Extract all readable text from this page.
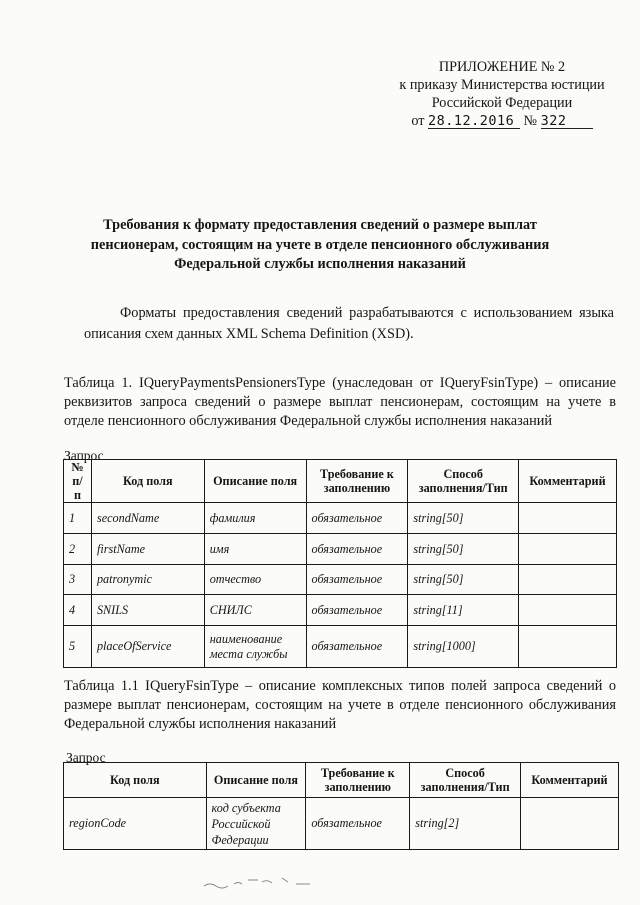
ПРИЛОЖЕНИЕ № 2
к приказу Министерства юстиции
Российской Федерации
от 28.12.2016 № 322
Требования к формату предоставления сведений о размере выплат пенсионерам, состоящим на учете в отделе пенсионного обслуживания Федеральной службы исполнения наказаний
Форматы предоставления сведений разрабатываются с использованием языка описания схем данных XML Schema Definition (XSD).
Таблица 1. IQueryPaymentsPensionersType (унаследован от IQueryFsinType) – описание реквизитов запроса сведений о размере выплат пенсионерам, состоящим на учете в отделе пенсионного обслуживания Федеральной службы исполнения наказаний
Запрос
№ п/п	Код поля	Описание поля	Требование к заполнению	Способ заполнения/Тип	Комментарий
1	secondName	фамилия	обязательное	string[50]	
2	firstName	имя	обязательное	string[50]	
3	patronymic	отчество	обязательное	string[50]	
4	SNILS	СНИЛС	обязательное	string[11]	
5	placeOfService	наименование места службы	обязательное	string[1000]	
Таблица 1.1 IQueryFsinType – описание комплексных типов полей запроса сведений о размере выплат пенсионерам, состоящим на учете в отделе пенсионного обслуживания Федеральной службы исполнения наказаний
Запрос
Код поля	Описание поля	Требование к заполнению	Способ заполнения/Тип	Комментарий
regionCode	код субъекта Российской Федерации	обязательное	string[2]	
